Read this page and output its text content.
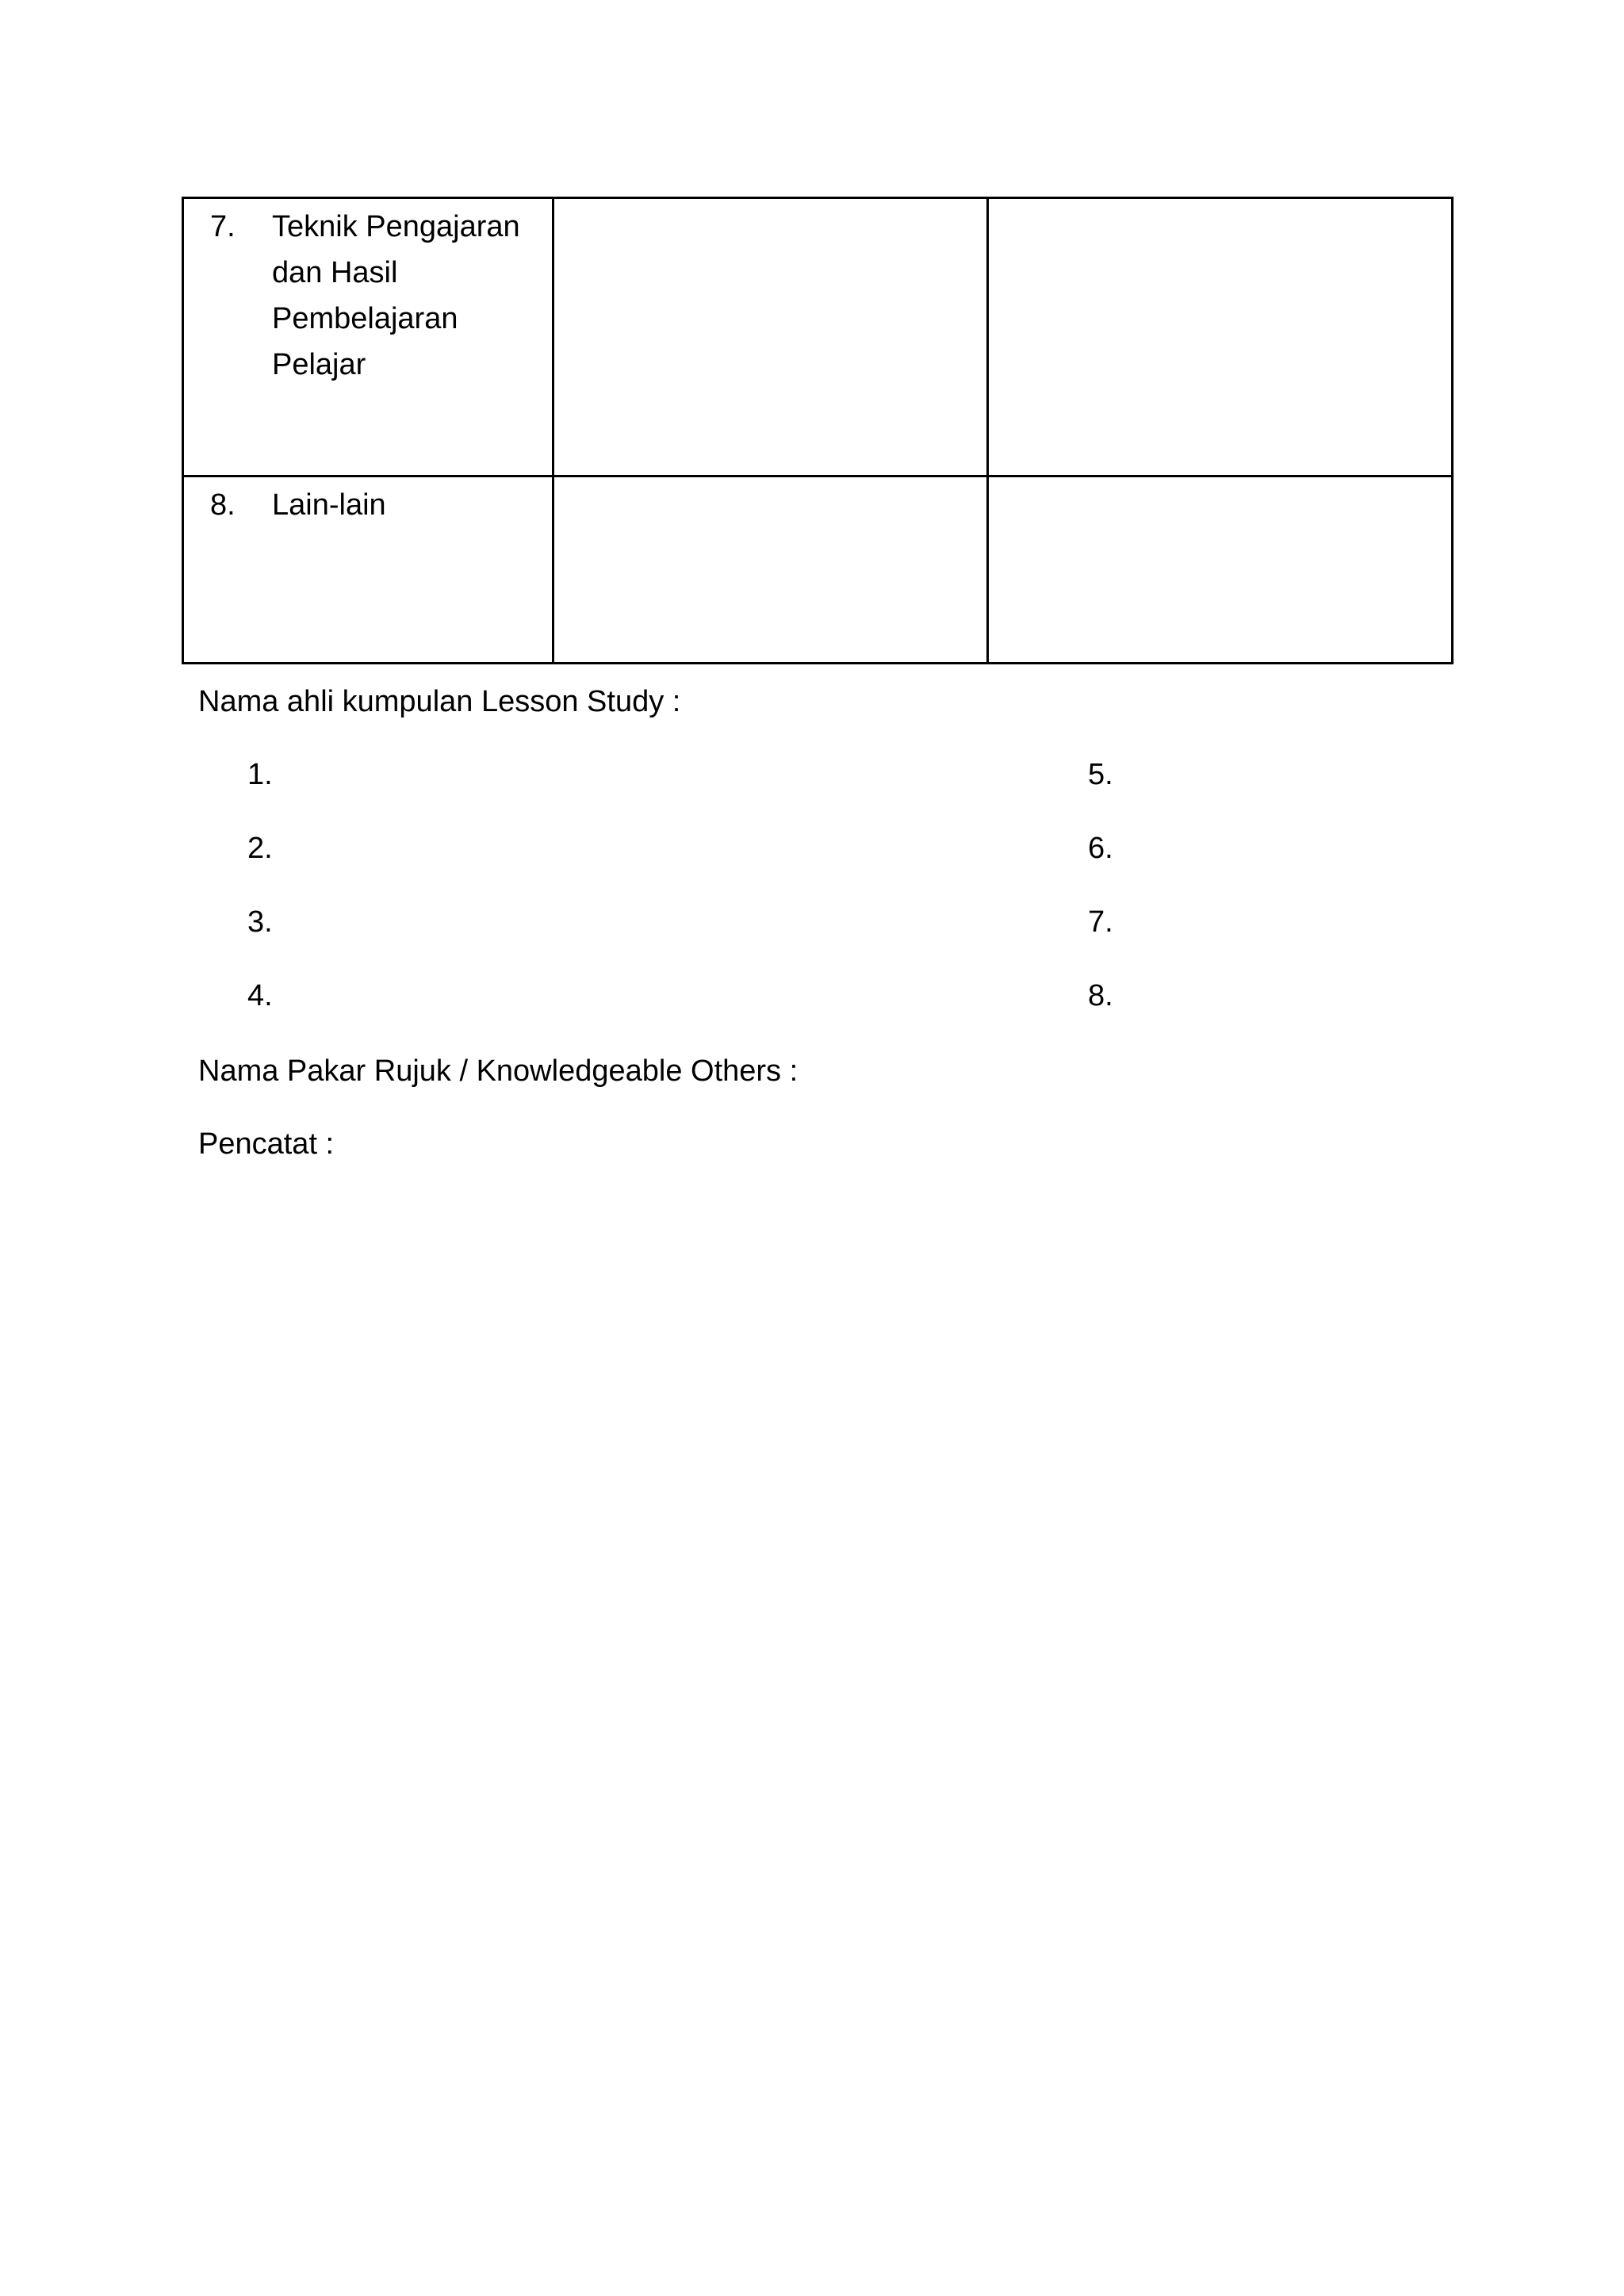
7. Teknik Pengajaran dan Hasil Pembelajaran Pelajar		

8. Lain-lain		

Nama ahli kumpulan Lesson Study :
1.
2.
3.
4.
5.
6.
7.
8.
Nama Pakar Rujuk / Knowledgeable Others :
Pencatat :
